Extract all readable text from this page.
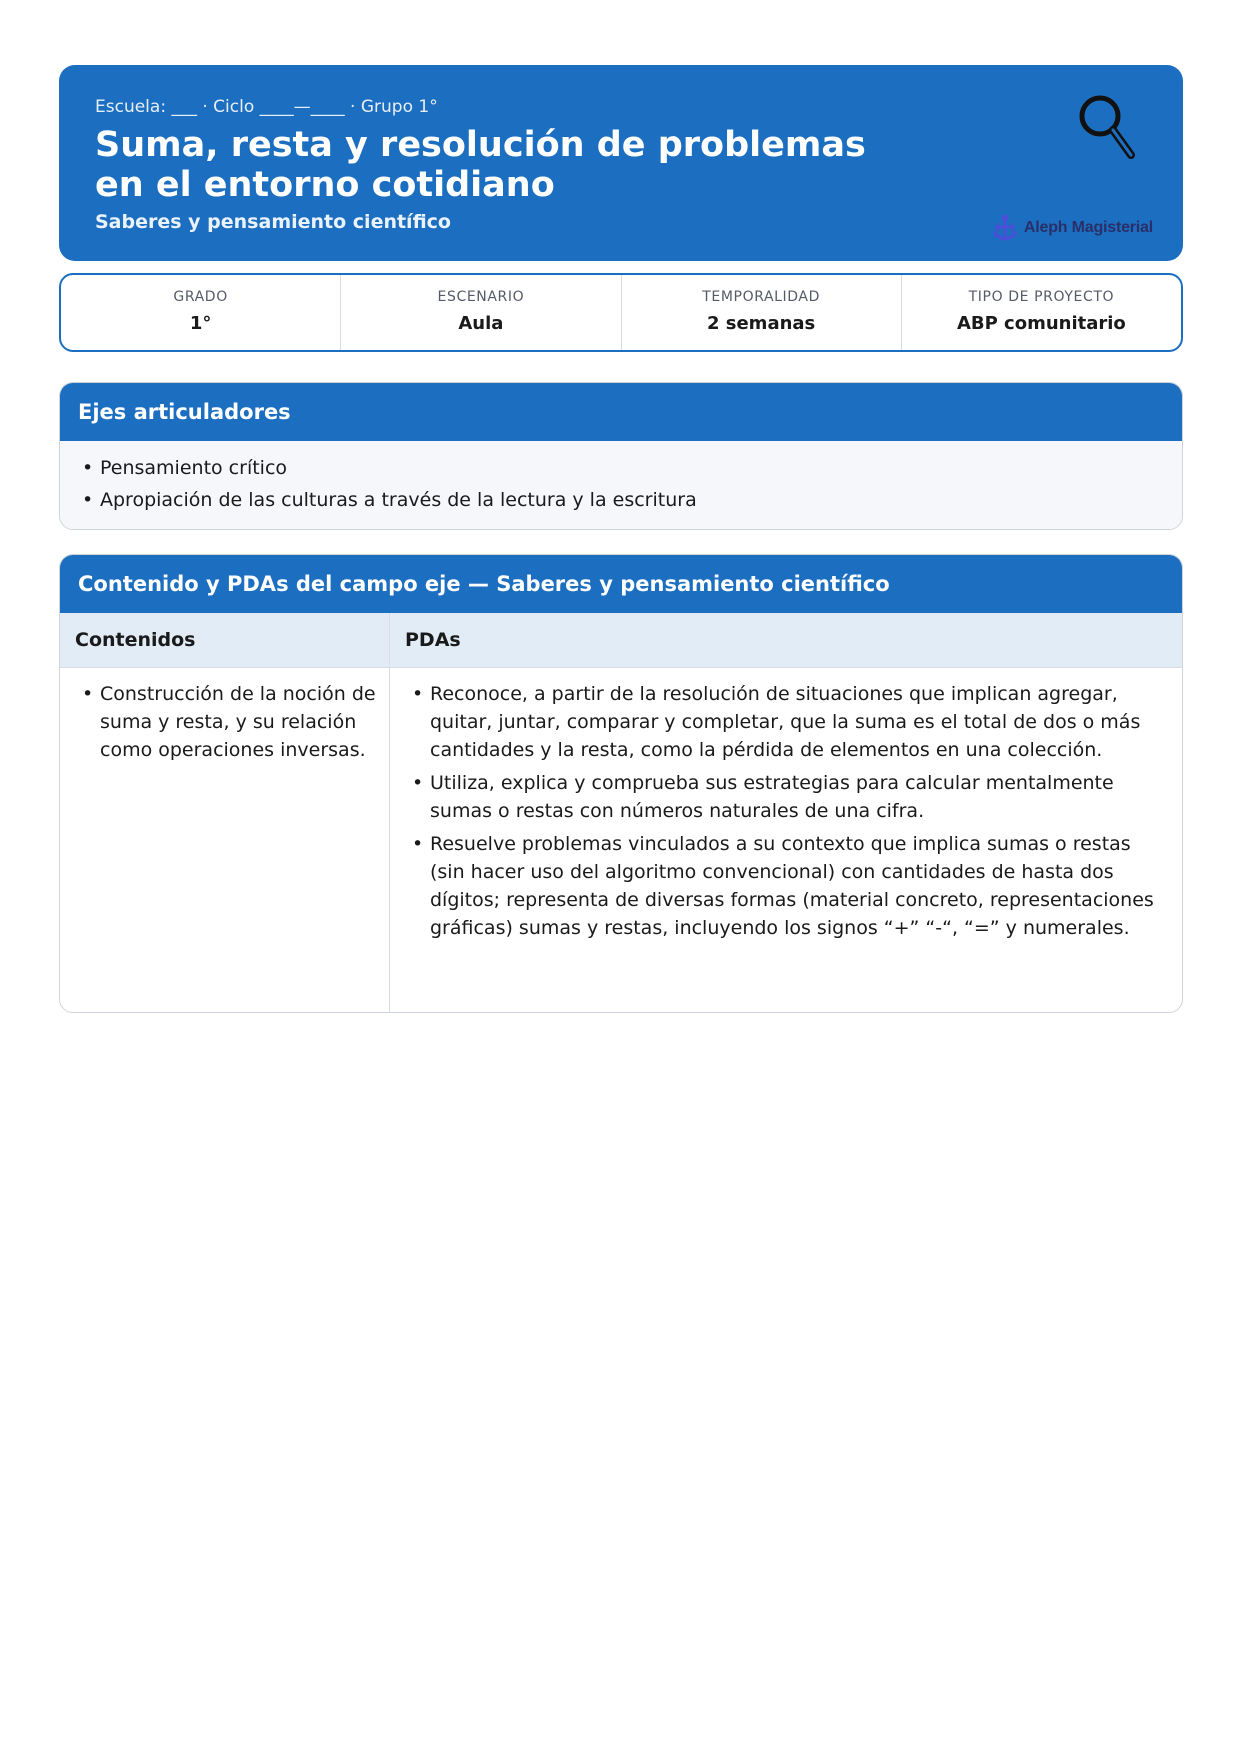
Escuela: ___ · Ciclo ____—____ · Grupo 1°
Suma, resta y resolución de problemas en el entorno cotidiano
Saberes y pensamiento científico	Aleph Magisterial
GRADO
1°
ESCENARIO
Aula
TEMPORALIDAD
2 semanas
TIPO DE PROYECTO
ABP comunitario
Ejes articuladores
• Pensamiento crítico
• Apropiación de las culturas a través de la lectura y la escritura
Contenido y PDAs del campo eje — Saberes y pensamiento científico
Contenidos	PDAs
• Construcción de la noción de suma y resta, y su relación como operaciones inversas.
• Reconoce, a partir de la resolución de situaciones que implican agregar, quitar, juntar, comparar y completar, que la suma es el total de dos o más cantidades y la resta, como la pérdida de elementos en una colección.
• Utiliza, explica y comprueba sus estrategias para calcular mentalmente sumas o restas con números naturales de una cifra.
• Resuelve problemas vinculados a su contexto que implica sumas o restas (sin hacer uso del algoritmo convencional) con cantidades de hasta dos dígitos; representa de diversas formas (material concreto, representaciones gráficas) sumas y restas, incluyendo los signos “+” “-“, “=” y numerales.
